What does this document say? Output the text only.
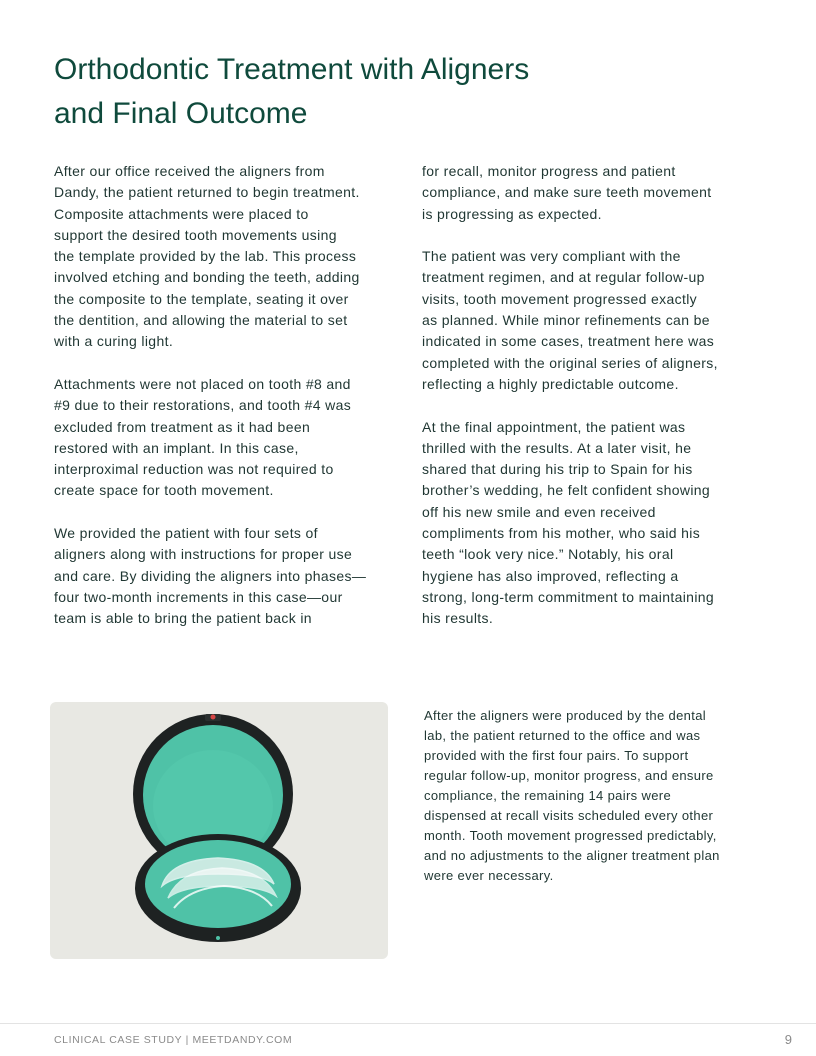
Orthodontic Treatment with Aligners
and Final Outcome

After our office received the aligners from
Dandy, the patient returned to begin treatment.
Composite attachments were placed to
support the desired tooth movements using
the template provided by the lab. This process
involved etching and bonding the teeth, adding
the composite to the template, seating it over
the dentition, and allowing the material to set
with a curing light.

Attachments were not placed on tooth #8 and
#9 due to their restorations, and tooth #4 was
excluded from treatment as it had been
restored with an implant. In this case,
interproximal reduction was not required to
create space for tooth movement.

We provided the patient with four sets of
aligners along with instructions for proper use
and care. By dividing the aligners into phases—
four two-month increments in this case—our
team is able to bring the patient back in

for recall, monitor progress and patient
compliance, and make sure teeth movement
is progressing as expected.

The patient was very compliant with the
treatment regimen, and at regular follow-up
visits, tooth movement progressed exactly
as planned. While minor refinements can be
indicated in some cases, treatment here was
completed with the original series of aligners,
reflecting a highly predictable outcome.

At the final appointment, the patient was
thrilled with the results. At a later visit, he
shared that during his trip to Spain for his
brother’s wedding, he felt confident showing
off his new smile and even received
compliments from his mother, who said his
teeth “look very nice.” Notably, his oral
hygiene has also improved, reflecting a
strong, long-term commitment to maintaining
his results.

After the aligners were produced by the dental
lab, the patient returned to the office and was
provided with the first four pairs. To support
regular follow-up, monitor progress, and ensure
compliance, the remaining 14 pairs were
dispensed at recall visits scheduled every other
month. Tooth movement progressed predictably,
and no adjustments to the aligner treatment plan
were ever necessary.
CLINICAL CASE STUDY | MEETDANDY.COM	9
